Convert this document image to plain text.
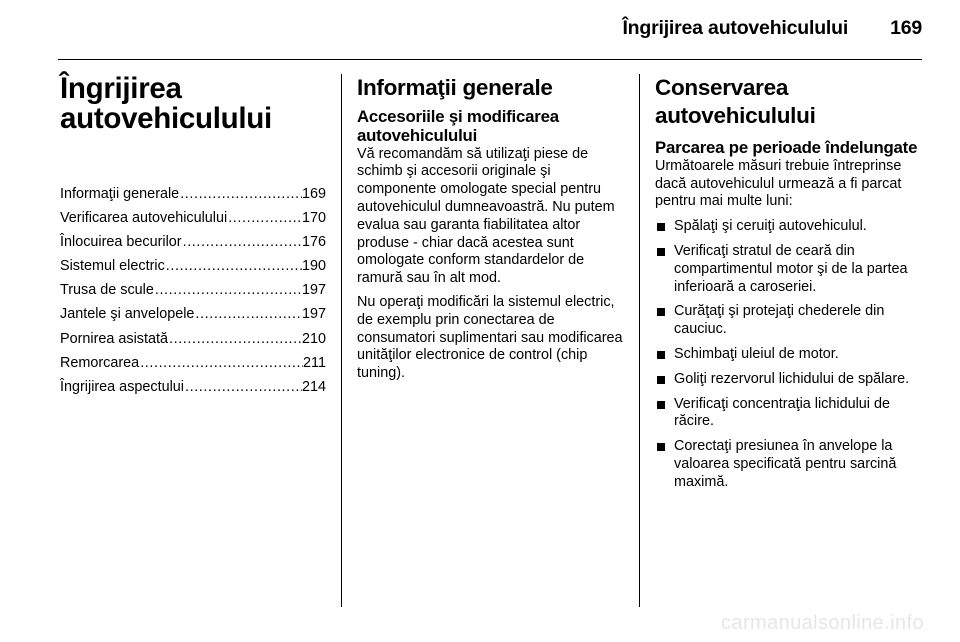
Îngrijirea autovehiculului 169
Îngrijirea autovehiculului
Informaţii generale .....	169
Verificarea autovehiculului .....	170
Înlocuirea becurilor .....	176
Sistemul electric .....	190
Trusa de scule .....	197
Jantele şi anvelopele .....	197
Pornirea asistată .....	210
Remorcarea .....	211
Îngrijirea aspectului .....	214
Informaţii generale
Accesoriile şi modificarea autovehiculului

Vă recomandăm să utilizaţi piese de schimb şi accesorii originale şi componente omologate special pentru autovehiculul dumneavoastră. Nu putem evalua sau garanta fiabilitatea altor produse - chiar dacă acestea sunt omologate conform standardelor de ramură sau în alt mod.

Nu operaţi modificări la sistemul electric, de exemplu prin conectarea de consumatori suplimentari sau modificarea unităţilor electronice de control (chip tuning).

Conservarea autovehiculului
Parcarea pe perioade îndelungate

Următoarele măsuri trebuie întreprinse dacă autovehiculul urmează a fi parcat pentru mai multe luni:

Spălaţi şi ceruiţi autovehiculul.
Verificaţi stratul de ceară din compartimentul motor şi de la partea inferioară a caroseriei.
Curăţaţi şi protejaţi chederele din cauciuc.
Schimbaţi uleiul de motor.
Goliţi rezervorul lichidului de spălare.
Verificaţi concentraţia lichidului de răcire.
Corectaţi presiunea în anvelope la valoarea specificată pentru sarcină maximă.
carmanualsonline.info
